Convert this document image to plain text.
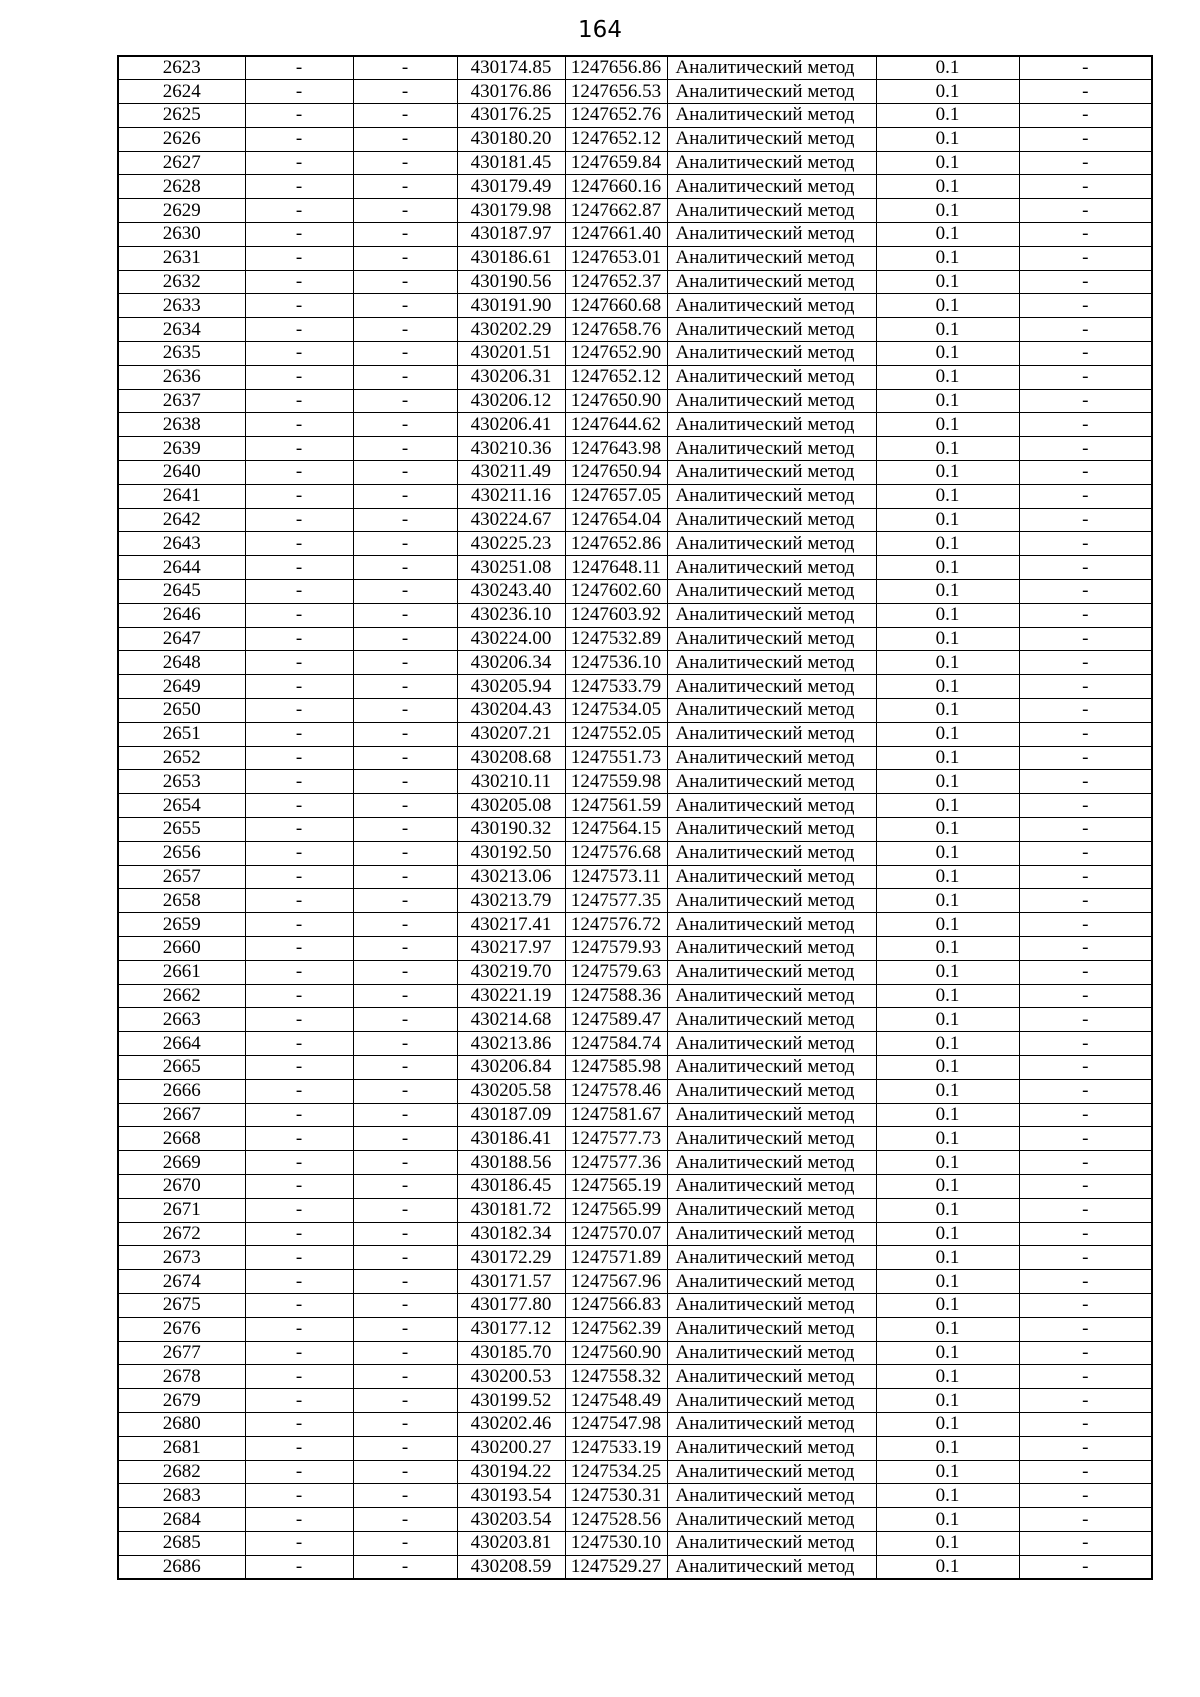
164
2623	-	-	430174.85	1247656.86	Аналитический метод	0.1	-
2624	-	-	430176.86	1247656.53	Аналитический метод	0.1	-
2625	-	-	430176.25	1247652.76	Аналитический метод	0.1	-
2626	-	-	430180.20	1247652.12	Аналитический метод	0.1	-
2627	-	-	430181.45	1247659.84	Аналитический метод	0.1	-
2628	-	-	430179.49	1247660.16	Аналитический метод	0.1	-
2629	-	-	430179.98	1247662.87	Аналитический метод	0.1	-
2630	-	-	430187.97	1247661.40	Аналитический метод	0.1	-
2631	-	-	430186.61	1247653.01	Аналитический метод	0.1	-
2632	-	-	430190.56	1247652.37	Аналитический метод	0.1	-
2633	-	-	430191.90	1247660.68	Аналитический метод	0.1	-
2634	-	-	430202.29	1247658.76	Аналитический метод	0.1	-
2635	-	-	430201.51	1247652.90	Аналитический метод	0.1	-
2636	-	-	430206.31	1247652.12	Аналитический метод	0.1	-
2637	-	-	430206.12	1247650.90	Аналитический метод	0.1	-
2638	-	-	430206.41	1247644.62	Аналитический метод	0.1	-
2639	-	-	430210.36	1247643.98	Аналитический метод	0.1	-
2640	-	-	430211.49	1247650.94	Аналитический метод	0.1	-
2641	-	-	430211.16	1247657.05	Аналитический метод	0.1	-
2642	-	-	430224.67	1247654.04	Аналитический метод	0.1	-
2643	-	-	430225.23	1247652.86	Аналитический метод	0.1	-
2644	-	-	430251.08	1247648.11	Аналитический метод	0.1	-
2645	-	-	430243.40	1247602.60	Аналитический метод	0.1	-
2646	-	-	430236.10	1247603.92	Аналитический метод	0.1	-
2647	-	-	430224.00	1247532.89	Аналитический метод	0.1	-
2648	-	-	430206.34	1247536.10	Аналитический метод	0.1	-
2649	-	-	430205.94	1247533.79	Аналитический метод	0.1	-
2650	-	-	430204.43	1247534.05	Аналитический метод	0.1	-
2651	-	-	430207.21	1247552.05	Аналитический метод	0.1	-
2652	-	-	430208.68	1247551.73	Аналитический метод	0.1	-
2653	-	-	430210.11	1247559.98	Аналитический метод	0.1	-
2654	-	-	430205.08	1247561.59	Аналитический метод	0.1	-
2655	-	-	430190.32	1247564.15	Аналитический метод	0.1	-
2656	-	-	430192.50	1247576.68	Аналитический метод	0.1	-
2657	-	-	430213.06	1247573.11	Аналитический метод	0.1	-
2658	-	-	430213.79	1247577.35	Аналитический метод	0.1	-
2659	-	-	430217.41	1247576.72	Аналитический метод	0.1	-
2660	-	-	430217.97	1247579.93	Аналитический метод	0.1	-
2661	-	-	430219.70	1247579.63	Аналитический метод	0.1	-
2662	-	-	430221.19	1247588.36	Аналитический метод	0.1	-
2663	-	-	430214.68	1247589.47	Аналитический метод	0.1	-
2664	-	-	430213.86	1247584.74	Аналитический метод	0.1	-
2665	-	-	430206.84	1247585.98	Аналитический метод	0.1	-
2666	-	-	430205.58	1247578.46	Аналитический метод	0.1	-
2667	-	-	430187.09	1247581.67	Аналитический метод	0.1	-
2668	-	-	430186.41	1247577.73	Аналитический метод	0.1	-
2669	-	-	430188.56	1247577.36	Аналитический метод	0.1	-
2670	-	-	430186.45	1247565.19	Аналитический метод	0.1	-
2671	-	-	430181.72	1247565.99	Аналитический метод	0.1	-
2672	-	-	430182.34	1247570.07	Аналитический метод	0.1	-
2673	-	-	430172.29	1247571.89	Аналитический метод	0.1	-
2674	-	-	430171.57	1247567.96	Аналитический метод	0.1	-
2675	-	-	430177.80	1247566.83	Аналитический метод	0.1	-
2676	-	-	430177.12	1247562.39	Аналитический метод	0.1	-
2677	-	-	430185.70	1247560.90	Аналитический метод	0.1	-
2678	-	-	430200.53	1247558.32	Аналитический метод	0.1	-
2679	-	-	430199.52	1247548.49	Аналитический метод	0.1	-
2680	-	-	430202.46	1247547.98	Аналитический метод	0.1	-
2681	-	-	430200.27	1247533.19	Аналитический метод	0.1	-
2682	-	-	430194.22	1247534.25	Аналитический метод	0.1	-
2683	-	-	430193.54	1247530.31	Аналитический метод	0.1	-
2684	-	-	430203.54	1247528.56	Аналитический метод	0.1	-
2685	-	-	430203.81	1247530.10	Аналитический метод	0.1	-
2686	-	-	430208.59	1247529.27	Аналитический метод	0.1	-
